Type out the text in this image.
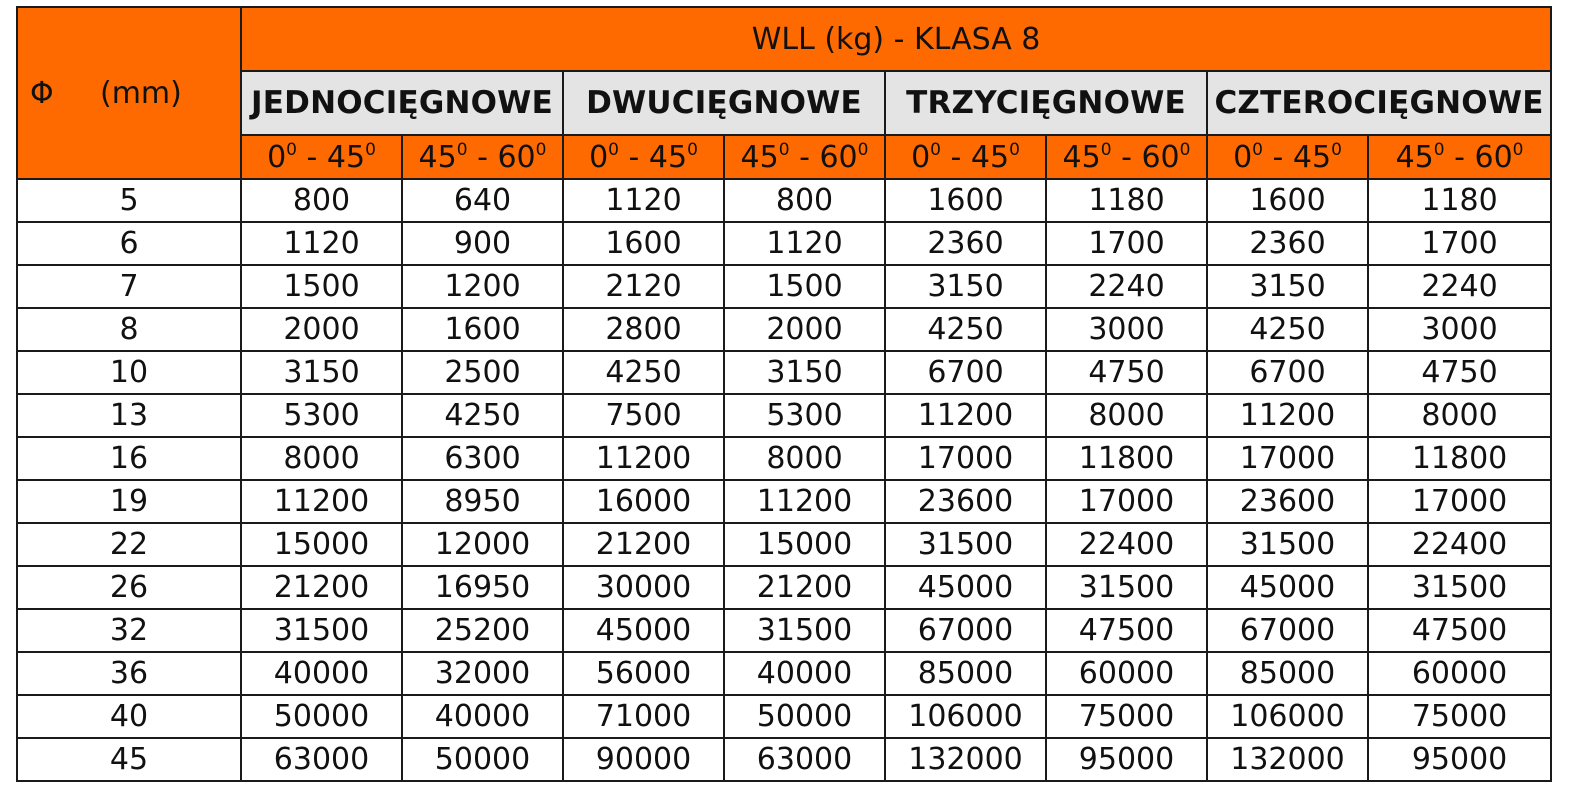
Φ (mm)	WLL (kg) - KLASA 8							
	JEDNOCIĘGNOWE		DWUCIĘGNOWE		TRZYCIĘGNOWE		CZTEROCIĘGNOWE	
	$0^0 - 45^0$	$45^0 - 60^0$	$0^0 - 45^0$	$45^0 - 60^0$	$0^0 - 45^0$	$45^0 - 60^0$	$0^0 - 45^0$	$45^0 - 60^0$
5	800	640	1120	800	1600	1180	1600	1180
6	1120	900	1600	1120	2360	1700	2360	1700
7	1500	1200	2120	1500	3150	2240	3150	2240
8	2000	1600	2800	2000	4250	3000	4250	3000
10	3150	2500	4250	3150	6700	4750	6700	4750
13	5300	4250	7500	5300	11200	8000	11200	8000
16	8000	6300	11200	8000	17000	11800	17000	11800
19	11200	8950	16000	11200	23600	17000	23600	17000
22	15000	12000	21200	15000	31500	22400	31500	22400
26	21200	16950	30000	21200	45000	31500	45000	31500
32	31500	25200	45000	31500	67000	47500	67000	47500
36	40000	32000	56000	40000	85000	60000	85000	60000
40	50000	40000	71000	50000	106000	75000	106000	75000
45	63000	50000	90000	63000	132000	95000	132000	95000
